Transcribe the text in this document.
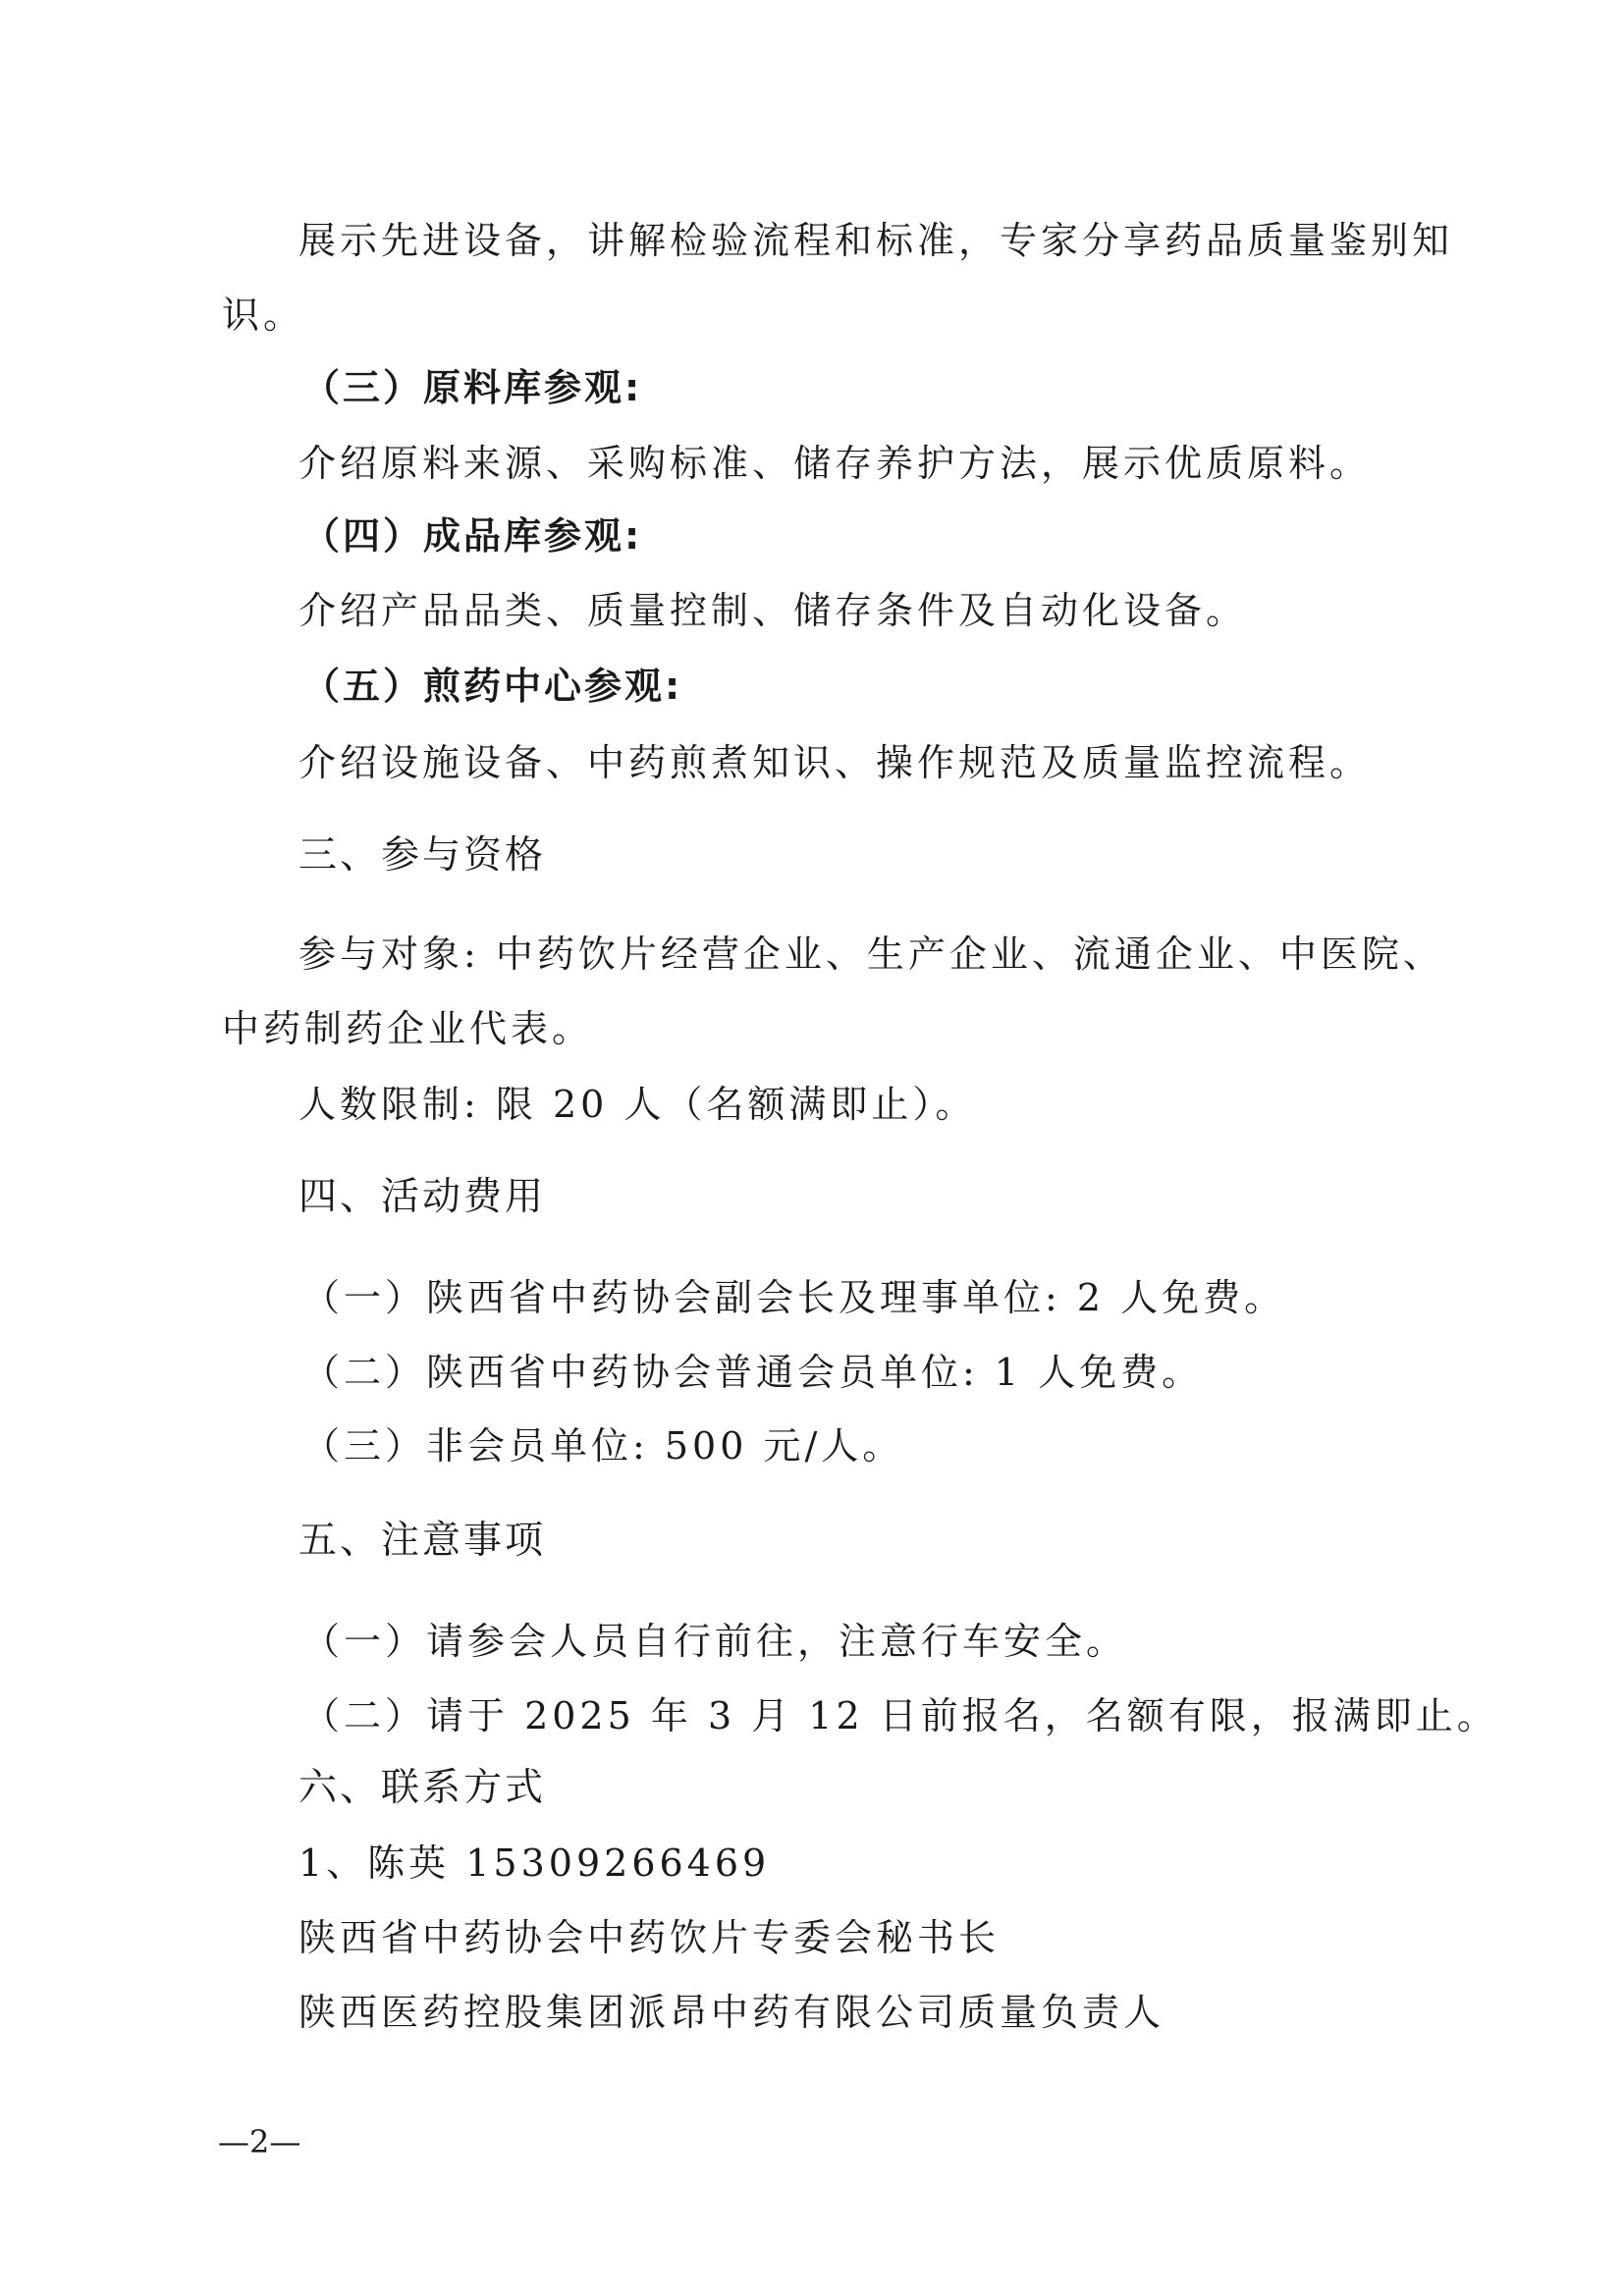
展示先进设备，讲解检验流程和标准，专家分享药品质量鉴别知
识。
（三）原料库参观:
介绍原料来源、采购标准、储存养护方法，展示优质原料。
（四）成品库参观:
介绍产品品类、质量控制、储存条件及自动化设备。
（五）煎药中心参观:
介绍设施设备、中药煎煮知识、操作规范及质量监控流程。
三、参与资格
参与对象: 中药饮片经营企业、生产企业、流通企业、中医院、
中药制药企业代表。
人数限制: 限 20 人（名额满即止）。
四、活动费用
（一）陕西省中药协会副会长及理事单位: 2 人免费。
（二）陕西省中药协会普通会员单位: 1 人免费。
（三）非会员单位: 500 元/人。
五、注意事项
（一）请参会人员自行前往，注意行车安全。
（二）请于 2025 年 3 月 12 日前报名，名额有限，报满即止。
六、联系方式
1、陈英 15309266469
陕西省中药协会中药饮片专委会秘书长
陕西医药控股集团派昂中药有限公司质量负责人
—2—
